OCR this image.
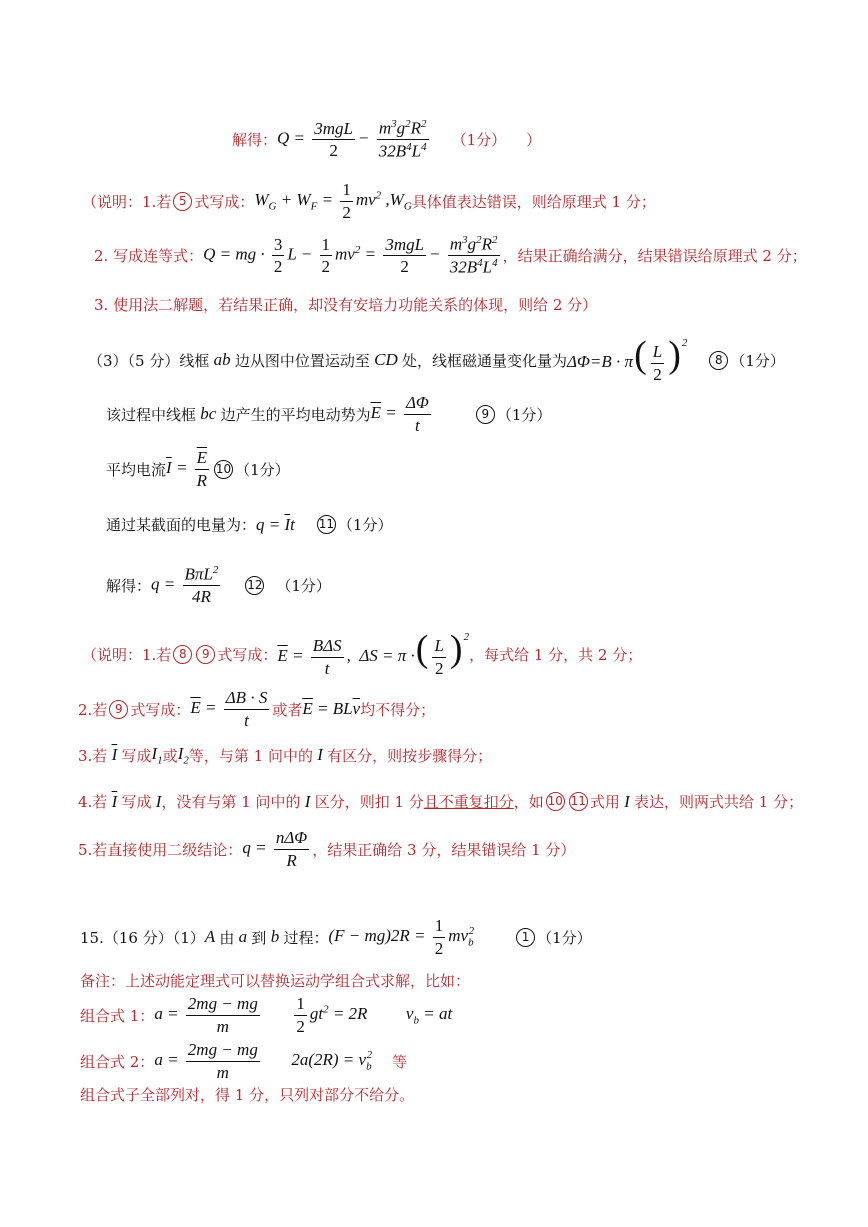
解得： $Q = \frac{\text{3mgL}}{2} - \frac{m^3g^2R^2}{32B^4L^4} (1$分） ）
（说明：1.若 5 式写成： $W_G + W_F = \frac{1}{2} mv^2$ $,W_G$ 具体值表达错误，则给原理式 1 分；
2. 写成连等式： Q = mg · $\frac{3}{2}$ $L - \frac{1}{2} mv^2 = \frac{\text{3mgL}}{2} - \frac{m^3g^2R^2}{32B^4L^4}$ ，结果正确给满分，结果错误给原理式 2 分；
3. 使用法二解题，若结果正确，却没有安培力功能关系的体现，则给 2 分）
（3）（5 分）线框 ab 边从图中位置运动至 CD 处，线框磁通量变化量为 $\Delta\Phi=B \cdot \pi( \frac{L}{2} )^2$
8 （1分）
该过程中线框 bc 边产生的平均电动势为 $\overline{E} = \frac{\Delta\Phi}{t}$	9 （1分）
平均电流 $\overline{I} = \frac{\overline{E}}{R} 10$ （1分）
通过某截面的电量为： $q = \overline{I}t$ 11 （1分）
解得： $q = \frac{B\pi L^2}{4R} 12$ （1分）
（说明：1.若 8	9 式写成： $\overline{E} = \frac{\text{BΔS}}{t}$ ,  ΔS = π ·( $\frac{L}{2} )^2$
，每式给 1 分，共 2 分；
2.若 9 式写成： $\overline{E} = \frac{\Delta B \cdot S}{t}$ 或者 $\overline{E} = BL\overline{v}$ 均不得分；
3.若 $\overline{I}$ 写成 $I_1$ 或 $I_2$ 等，与第 1 问中的 I 有区分，则按步骤得分；
4.若 $\overline{I}$ 写成 I ，没有与第 1 问中的 I 区分，则扣 1 分 且不重复扣分 ，如 10 11 式用 I 表达，则两式共给 1 分；
5.若直接使用二级结论： $q = \frac{\text{nΔΦ}}{R}$ ，结果正确给 3 分，结果错误给 1 分）
15.（16 分）（1） A 由 a 到 b 过程： $(F - mg)2R = \frac{1}{2} mv_b^2$	1 （1分）
备注：上述动能定理式可以替换运动学组合式求解，比如：
组合式 1： $a = \frac{2mg - mg}{m}$
$\frac{1}{2} gt^2 = 2R$  $v_b$ = at
组合式 2： $a = \frac{2mg - mg}{m} 2a(2R) = v_b^2$ 等
组合式子全部列对，得 1 分，只列对部分不给分。
